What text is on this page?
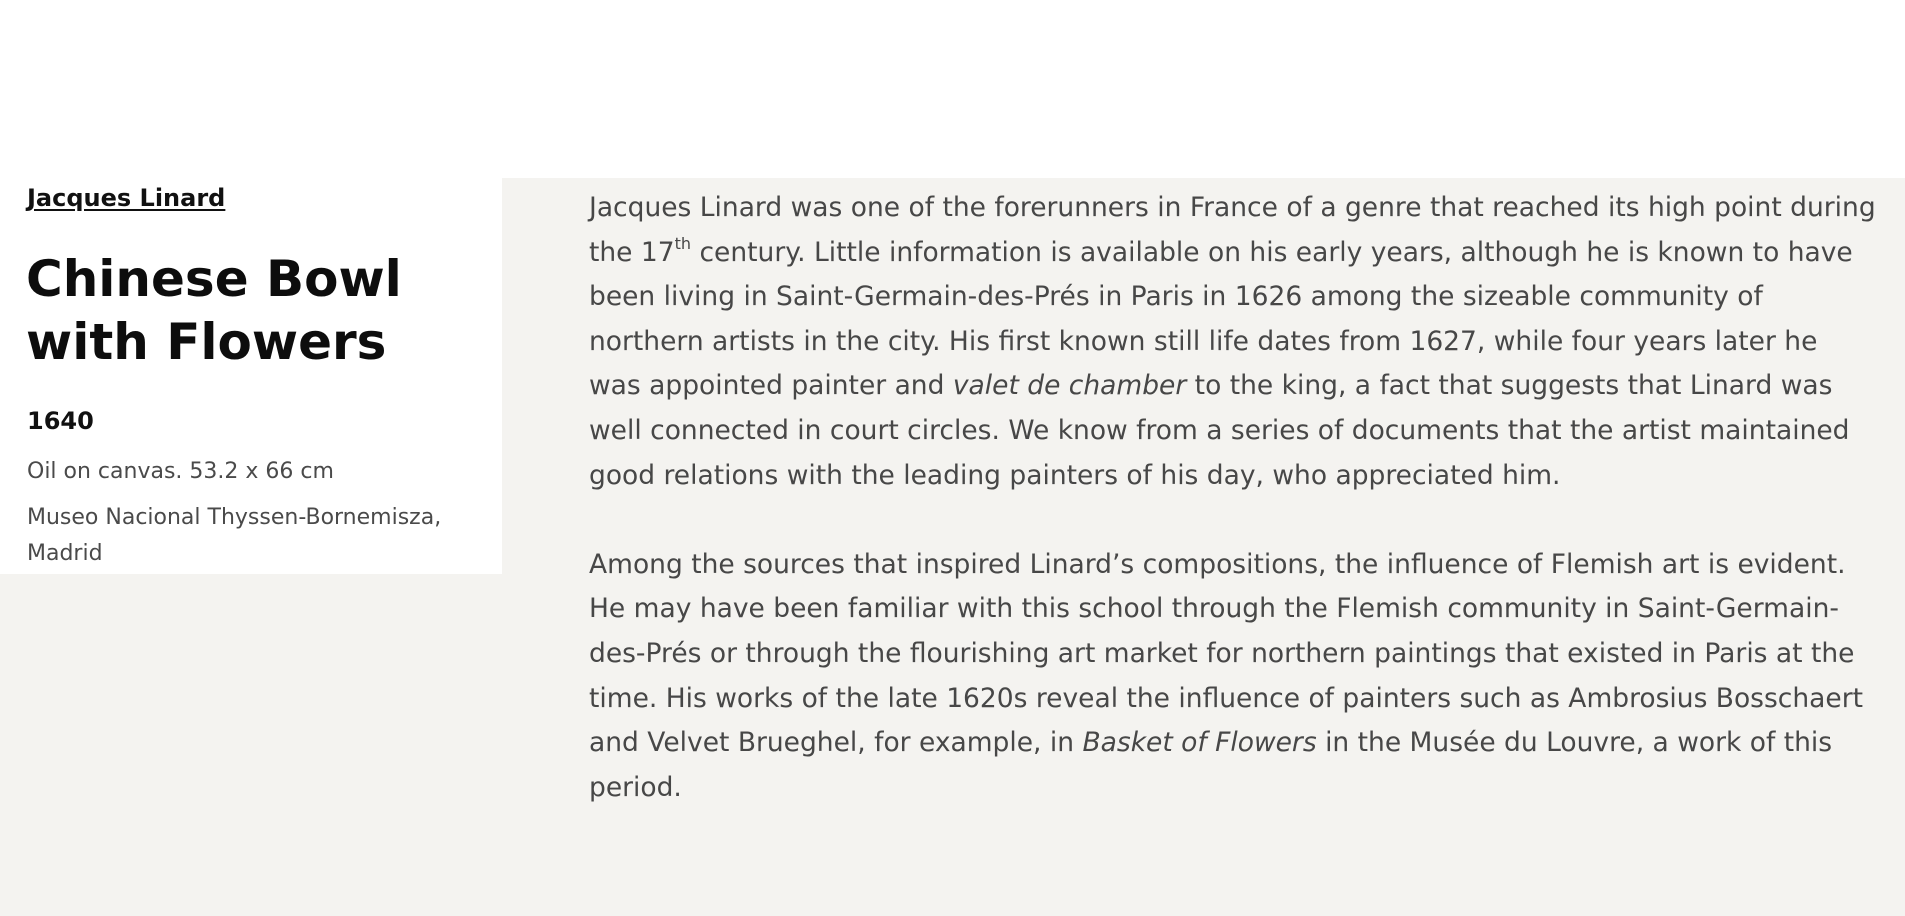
Jacques Linard
Chinese Bowl
with Flowers
1640
Oil on canvas. 53.2 x 66 cm
Museo Nacional Thyssen-Bornemisza,
Madrid
Jacques Linard was one of the forerunners in France of a genre that reached its high point during
the 17th century. Little information is available on his early years, although he is known to have
been living in Saint-Germain-des-Prés in Paris in 1626 among the sizeable community of
northern artists in the city. His first known still life dates from 1627, while four years later he
was appointed painter and valet de chamber to the king, a fact that suggests that Linard was
well connected in court circles. We know from a series of documents that the artist maintained
good relations with the leading painters of his day, who appreciated him.
Among the sources that inspired Linard’s compositions, the influence of Flemish art is evident.
He may have been familiar with this school through the Flemish community in Saint-Germain-
des-Prés or through the flourishing art market for northern paintings that existed in Paris at the
time. His works of the late 1620s reveal the influence of painters such as Ambrosius Bosschaert
and Velvet Brueghel, for example, in Basket of Flowers in the Musée du Louvre, a work of this
period.
